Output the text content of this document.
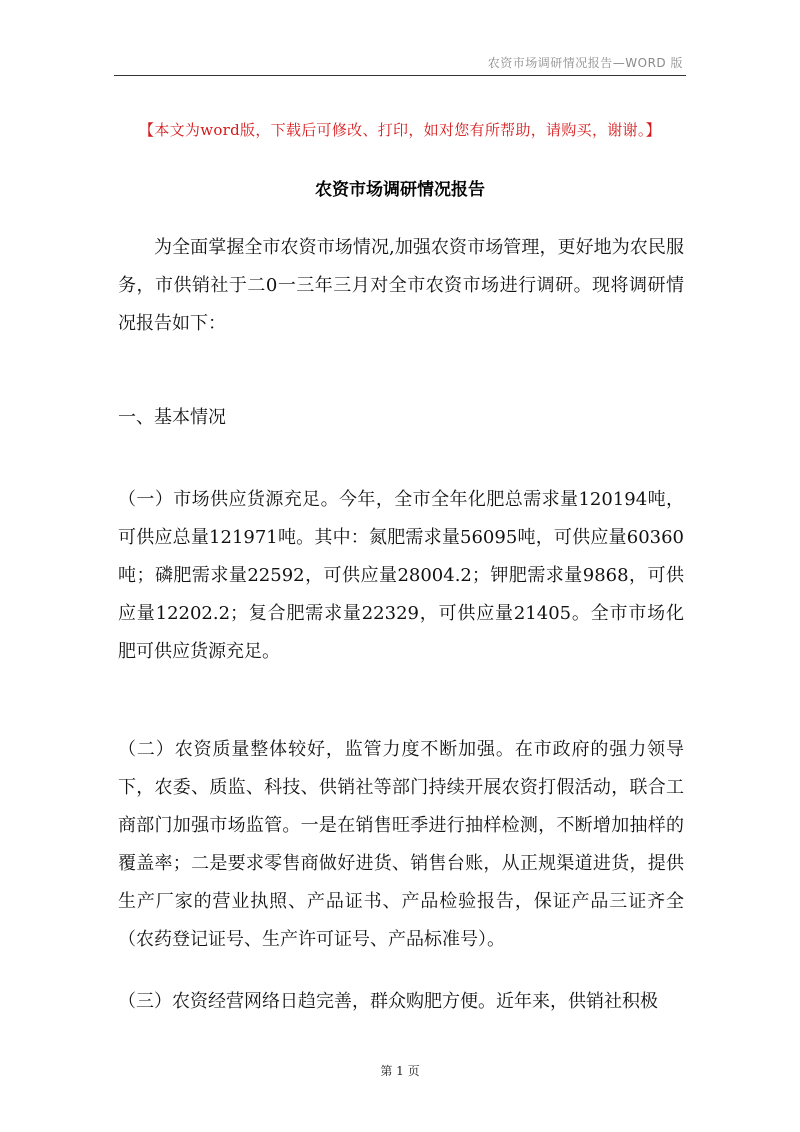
农资市场调研情况报告—WORD 版
【本文为word版，下载后可修改、打印，如对您有所帮助，请购买，谢谢。】
农资市场调研情况报告
为全面掌握全市农资市场情况,加强农资市场管理，更好地为农民服务，市供销社于二0一三年三月对全市农资市场进行调研。现将调研情况报告如下：
一、基本情况
（一）市场供应货源充足。今年，全市全年化肥总需求量120194吨，可供应总量121971吨。其中：氮肥需求量56095吨，可供应量60360吨；磷肥需求量22592，可供应量28004.2；钾肥需求量9868，可供应量12202.2；复合肥需求量22329，可供应量21405。全市市场化肥可供应货源充足。
（二）农资质量整体较好，监管力度不断加强。在市政府的强力领导下，农委、质监、科技、供销社等部门持续开展农资打假活动，联合工商部门加强市场监管。一是在销售旺季进行抽样检测，不断增加抽样的覆盖率；二是要求零售商做好进货、销售台账，从正规渠道进货，提供生产厂家的营业执照、产品证书、产品检验报告，保证产品三证齐全（农药登记证号、生产许可证号、产品标准号）。
（三）农资经营网络日趋完善，群众购肥方便。近年来，供销社积极
第 1 页
